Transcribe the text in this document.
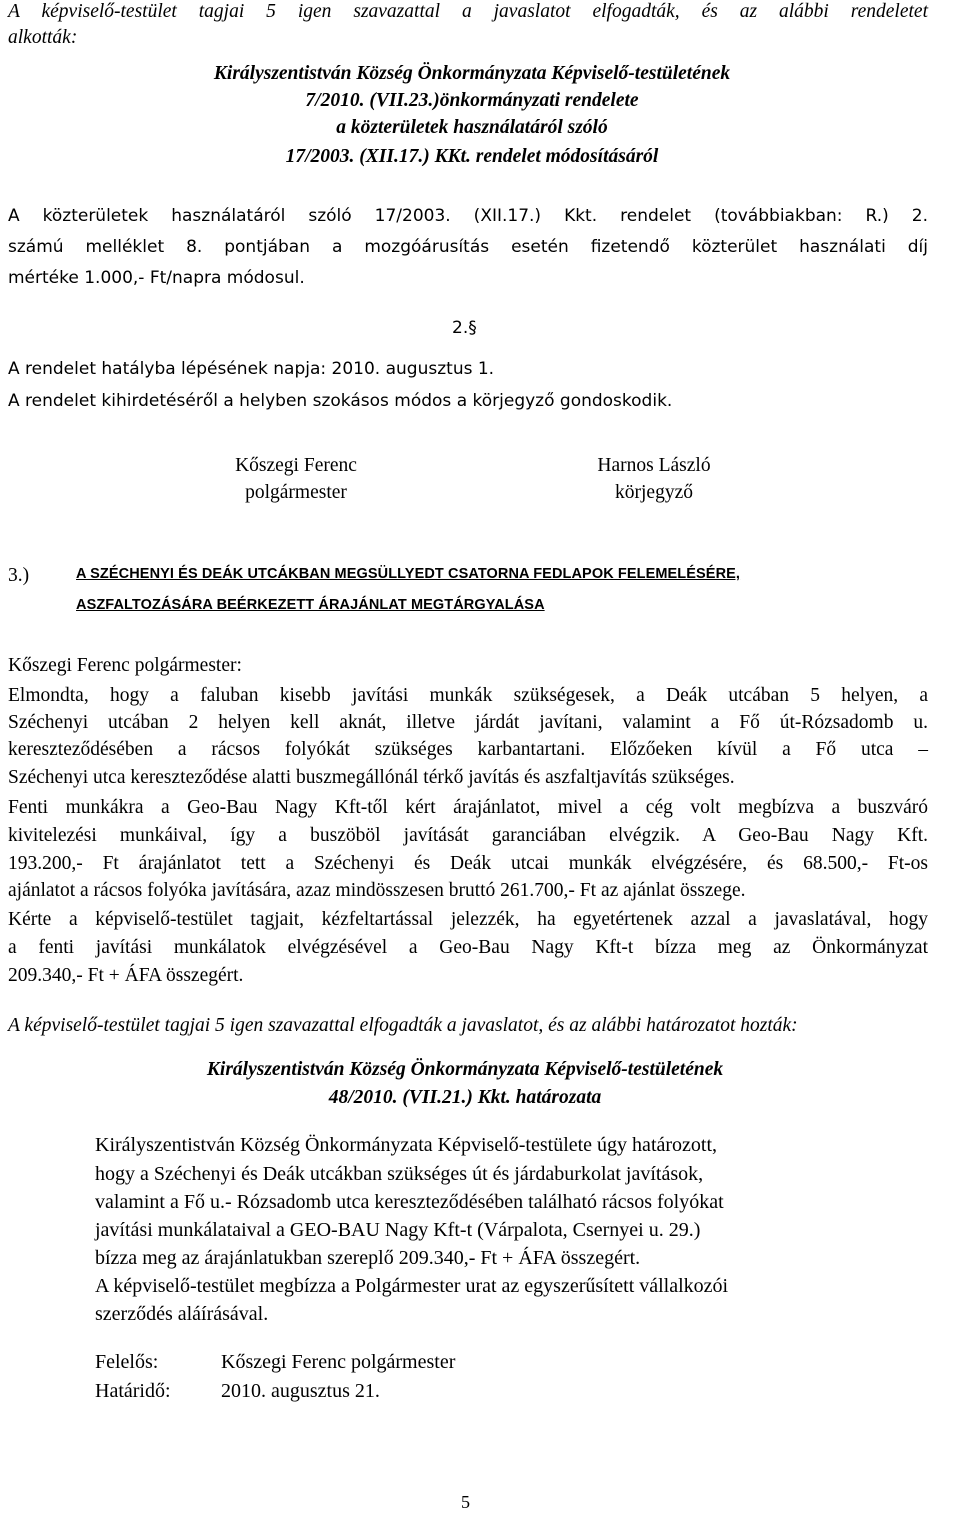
A képviselő-testület tagjai 5 igen szavazattal a javaslatot elfogadták, és az alábbi rendeletet
alkották:
Királyszentistván Község Önkormányzata Képviselő-testületének
7/2010. (VII.23.)önkormányzati rendelete
a közterületek használatáról szóló
17/2003. (XII.17.) KKt. rendelet módosításáról
A közterületek használatáról szóló 17/2003. (XII.17.) Kkt. rendelet (továbbiakban: R.) 2.
számú melléklet 8. pontjában a mozgóárusítás esetén fizetendő közterület használati díj
mértéke 1.000,- Ft/napra módosul.
2.§
A rendelet hatályba lépésének napja: 2010. augusztus 1.
A rendelet kihirdetéséről a helyben szokásos módos a körjegyző gondoskodik.
Kőszegi Ferenc
polgármester
Harnos László
körjegyző
3.)	A SZÉCHENYI ÉS DEÁK UTCÁKBAN MEGSÜLLYEDT CSATORNA FEDLAPOK FELEMELÉSÉRE,
ASZFALTOZÁSÁRA BEÉRKEZETT ÁRAJÁNLAT MEGTÁRGYALÁSA
Kőszegi Ferenc polgármester:
Elmondta, hogy a faluban kisebb javítási munkák szükségesek, a Deák utcában 5 helyen, a
Széchenyi utcában 2 helyen kell aknát, illetve járdát javítani, valamint a Fő út-Rózsadomb u.
kereszteződésében a rácsos folyókát szükséges karbantartani. Előzőeken kívül a Fő utca –
Széchenyi utca kereszteződése alatti buszmegállónál térkő javítás és aszfaltjavítás szükséges.
Fenti munkákra a Geo-Bau Nagy Kft-től kért árajánlatot, mivel a cég volt megbízva a buszváró
kivitelezési munkáival, így a buszöböl javítását garanciában elvégzik. A Geo-Bau Nagy Kft.
193.200,- Ft árajánlatot tett a Széchenyi és Deák utcai munkák elvégzésére, és 68.500,- Ft-os
ajánlatot a rácsos folyóka javítására, azaz mindösszesen bruttó 261.700,- Ft az ajánlat összege.
Kérte a képviselő-testület tagjait, kézfeltartással jelezzék, ha egyetértenek azzal a javaslatával, hogy
a fenti javítási munkálatok elvégzésével a Geo-Bau Nagy Kft-t bízza meg az Önkormányzat
209.340,- Ft + ÁFA összegért.
A képviselő-testület tagjai 5 igen szavazattal elfogadták a javaslatot, és az alábbi határozatot hozták:
Királyszentistván Község Önkormányzata Képviselő-testületének
48/2010. (VII.21.) Kkt. határozata
Királyszentistván Község Önkormányzata Képviselő-testülete úgy határozott,
hogy a Széchenyi és Deák utcákban szükséges út és járdaburkolat javítások,
valamint a Fő u.- Rózsadomb utca kereszteződésében található rácsos folyókat
javítási munkálataival a GEO-BAU Nagy Kft-t (Várpalota, Csernyei u. 29.)
bízza meg az árajánlatukban szereplő 209.340,- Ft + ÁFA összegért.
A képviselő-testület megbízza a Polgármester urat az egyszerűsített vállalkozói
szerződés aláírásával.
Felelős:	Kőszegi Ferenc polgármester
Határidő:	2010. augusztus 21.
5
